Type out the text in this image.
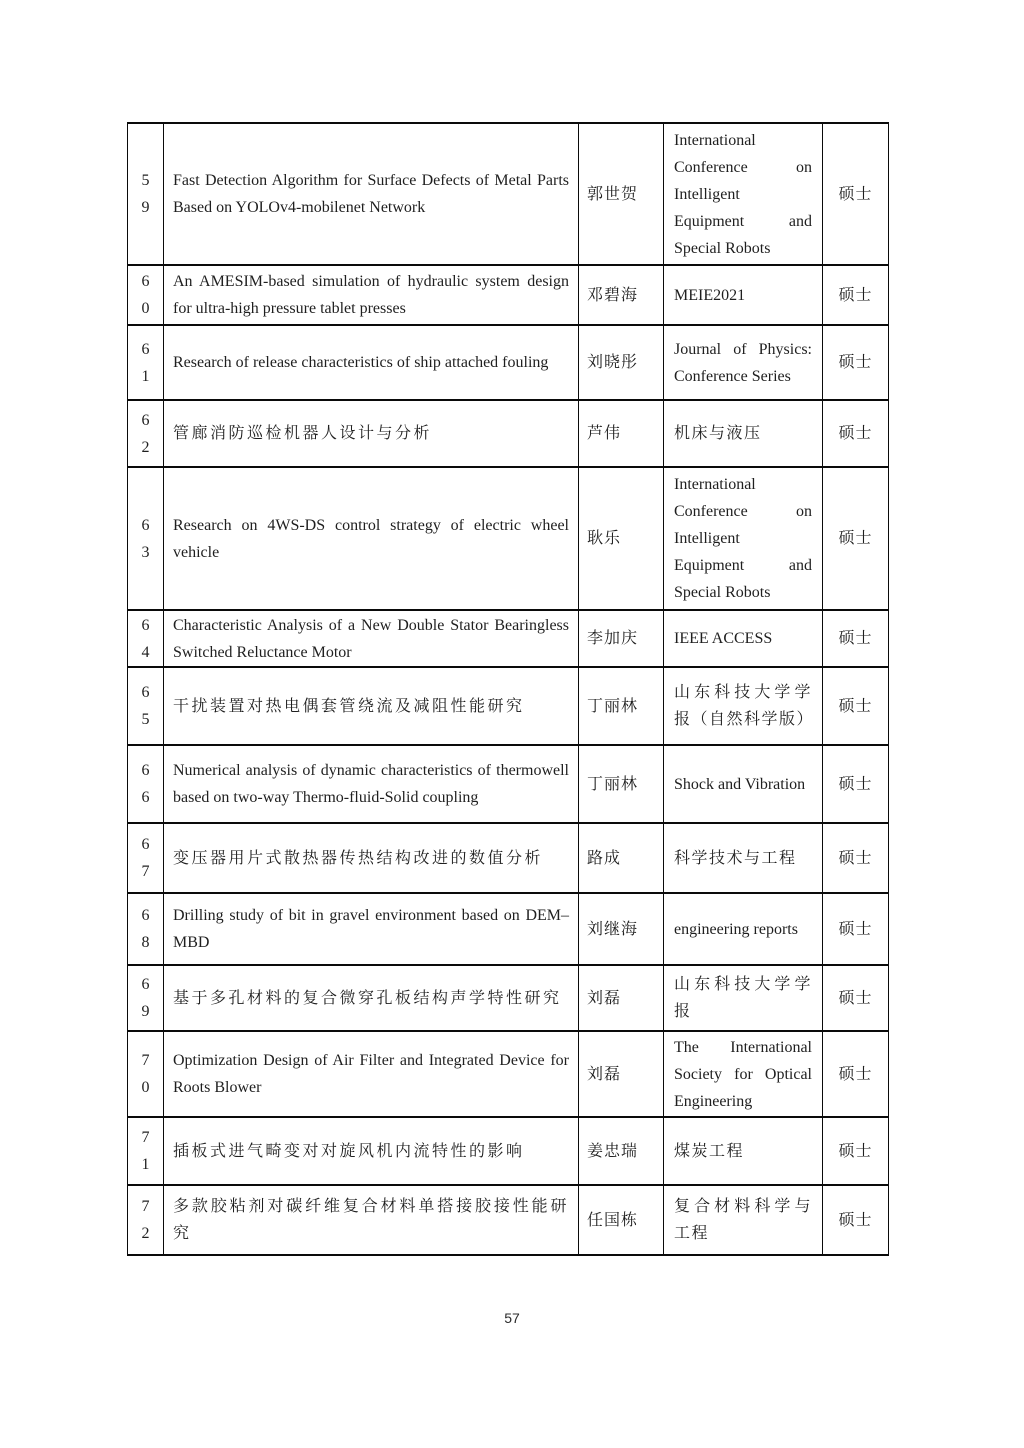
59	Fast Detection Algorithm for Surface Defects of Metal Parts Based on YOLOv4-mobilenet Network	郭世贺	International Conference on Intelligent Equipment and Special Robots	硕士

60	An AMESIM-based simulation of hydraulic system design for ultra-high pressure tablet presses	邓碧海	MEIE2021	硕士

61	Research of release characteristics of ship attached fouling	刘晓彤	Journal of Physics: Conference Series	硕士

62	管廊消防巡检机器人设计与分析	芦伟	机床与液压	硕士

63	Research on 4WS-DS control strategy of electric wheel vehicle	耿乐	International Conference on Intelligent Equipment and Special Robots	硕士

64	Characteristic Analysis of a New Double Stator Bearingless Switched Reluctance Motor	李加庆	IEEE ACCESS	硕士

65	干扰装置对热电偶套管绕流及减阻性能研究	丁丽林	山东科技大学学报（自然科学版）	硕士

66	Numerical analysis of dynamic characteristics of thermowell based on two-way Thermo-fluid-Solid coupling	丁丽林	Shock and Vibration	硕士

67	变压器用片式散热器传热结构改进的数值分析	路成	科学技术与工程	硕士

68	Drilling study of bit in gravel environment based on DEM–MBD	刘继海	engineering reports	硕士

69	基于多孔材料的复合微穿孔板结构声学特性研究	刘磊	山东科技大学学报	硕士

70	Optimization Design of Air Filter and Integrated Device for Roots Blower	刘磊	The International Society for Optical Engineering	硕士

71	插板式进气畸变对对旋风机内流特性的影响	姜忠瑞	煤炭工程	硕士

72	多款胶粘剂对碳纤维复合材料单搭接胶接性能研究	任国栋	复合材料科学与工程	硕士
57
